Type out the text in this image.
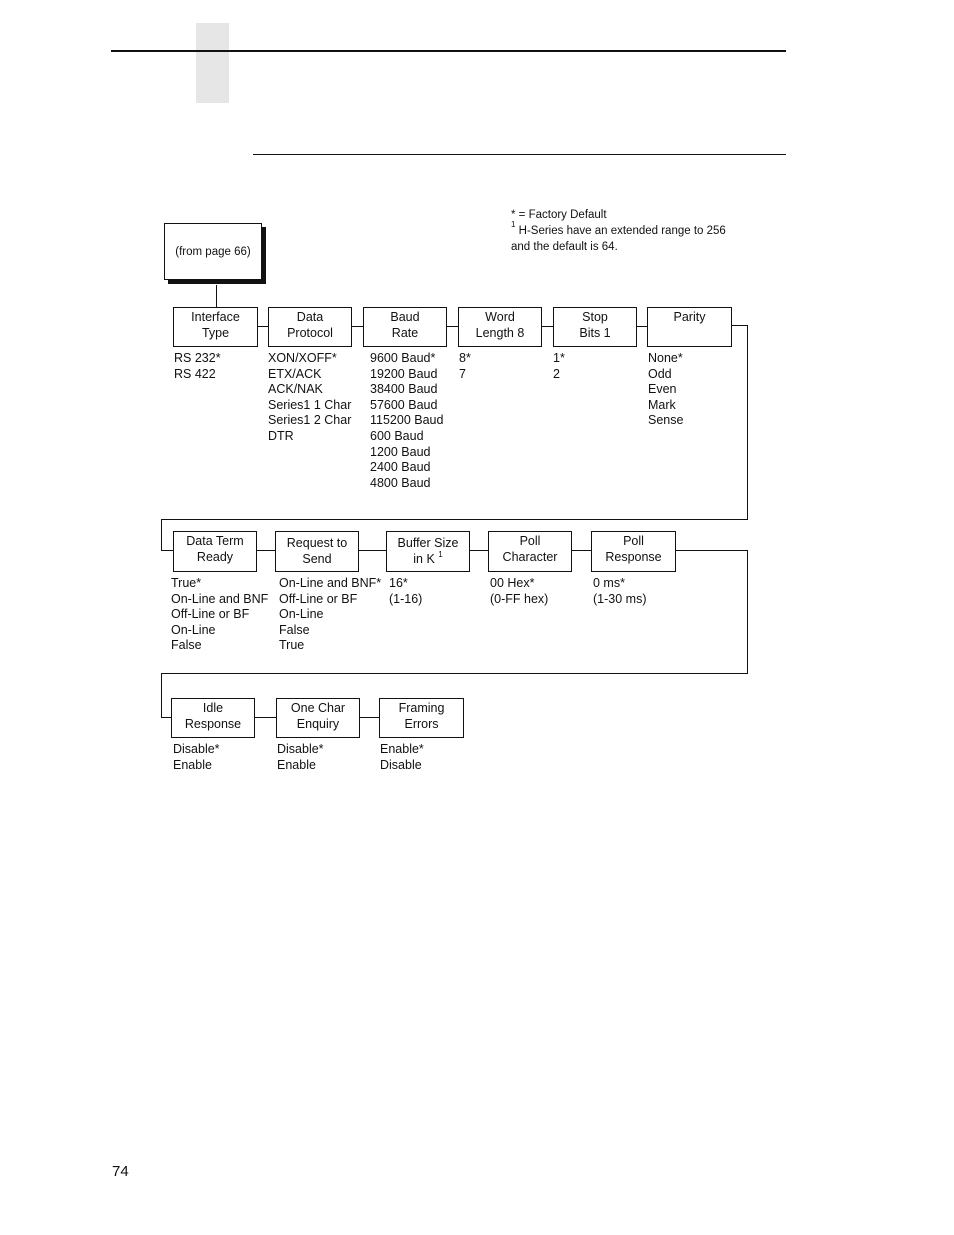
* = Factory Default
$^1$ H-Series have an extended range to 256
and the default is 64.
(from page 66)
Interface
Type
Data
Protocol
Baud
Rate
Word
Length 8
Stop
Bits 1
Parity
RS 232*
RS 422
XON/XOFF*
ETX/ACK
ACK/NAK
Series1 1 Char
Series1 2 Char
DTR
9600 Baud*
19200 Baud
38400 Baud
57600 Baud
115200 Baud
600 Baud
1200 Baud
2400 Baud
4800 Baud
8*
7
1*
2
None*
Odd
Even
Mark
Sense
Data Term
Ready
Request to
Send
Buffer Size
in K $^1$
Poll
Character
Poll
Response
True*
On-Line and BNF
Off-Line or BF
On-Line
False
On-Line and BNF*
Off-Line or BF
On-Line
False
True
16*
(1-16)
00 Hex*
(0-FF hex)
0 ms*
(1-30 ms)
Idle
Response
One Char
Enquiry
Framing
Errors
Disable*
Enable
Disable*
Enable
Enable*
Disable
74
